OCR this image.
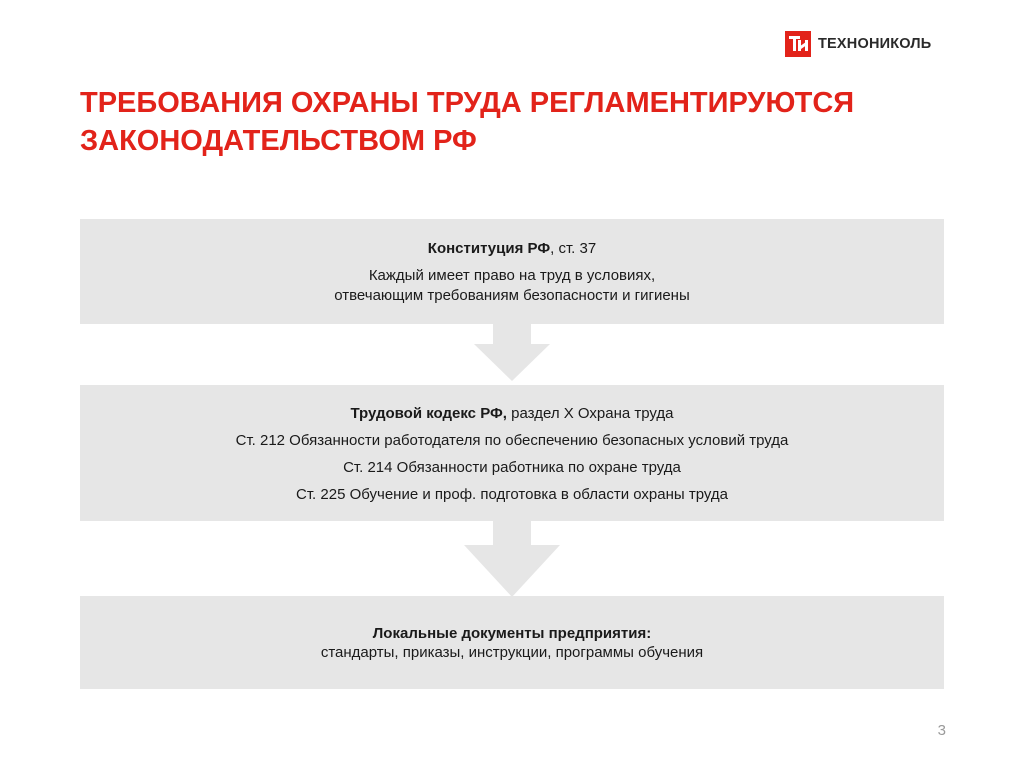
ТЕХНОНИКОЛЬ
ТРЕБОВАНИЯ ОХРАНЫ ТРУДА РЕГЛАМЕНТИРУЮТСЯ
ЗАКОНОДАТЕЛЬСТВОМ РФ

Конституция РФ, ст. 37

Каждый имеет право на труд в условиях,

отвечающим требованиям безопасности и гигиены

Трудовой кодекс РФ, раздел X Охрана труда

Ст. 212 Обязанности работодателя по обеспечению безопасных условий труда

Ст. 214 Обязанности работника по охране труда

Ст. 225 Обучение и проф. подготовка в области охраны труда

Локальные документы предприятия:

стандарты, приказы, инструкции, программы обучения

3
